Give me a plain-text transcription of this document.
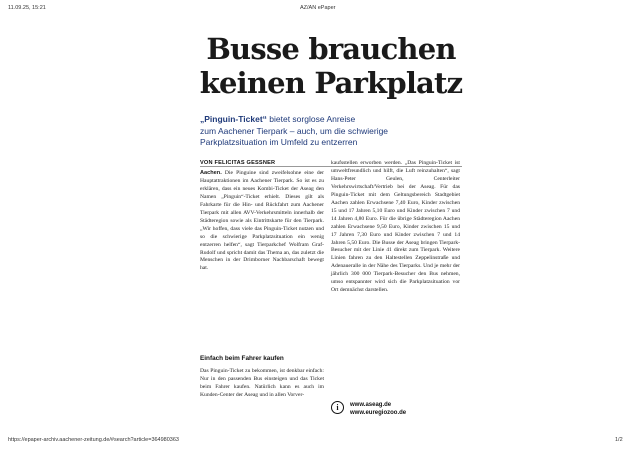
11.09.25, 15:21	AZ/AN ePaper
https://epaper-archiv.aachener-zeitung.de/#search?article=364980363	1/2
Busse brauchen
keinen Parkplatz
„Pinguin-Ticket“ bietet sorglose Anreise
zum Aachener Tierpark – auch, um die schwierige
Parkplatzsituation im Umfeld zu entzerren
VON FELICITAS GESSNER

Aachen. Die Pinguine sind zweifelsohne eine der Hauptattraktionen im Aachener Tierpark. So ist es zu erklären, dass ein neues Kombi-Ticket der Aseag den Namen „Pinguin“-Ticket erhielt. Dieses gilt als Fahrkarte für die Hin- und Rückfahrt zum Aachener Tierpark mit allen AVV-Verkehrsmitteln innerhalb der Städteregion sowie als Eintrittskarte für den Tierpark. „Wir hoffen, dass viele das Pinguin-Ticket nutzen und so die schwierige Parkplatzsituation ein wenig entzerren helfen“, sagt Tierparkchef Wolfram Graf-Rudolf und spricht damit das Thema an, das zuletzt die Menschen in der Drimborner Nachbarschaft bewegt hat.

Einfach beim Fahrer kaufen

Das Pinguin-Ticket zu bekommen, ist denkbar einfach: Nur in den passenden Bus einsteigen und das Ticket beim Fahrer kaufen. Natürlich kann es auch im Kunden-Center der Aseag und in allen Vorver-

kaufsstellen erworben werden. „Das Pinguin-Ticket ist umweltfreundlich und hilft, die Luft reinzuhalten“, sagt Hans-Peter Geulen, Centerleiter Verkehrswirtschaft/Vertrieb bei der Aseag. Für das Pinguin-Ticket mit dem Geltungsbereich Stadtgebiet Aachen zahlen Erwachsene 7,40 Euro, Kinder zwischen 15 und 17 Jahren 5,10 Euro und Kinder zwischen 7 und 14 Jahren 4,80 Euro. Für die übrige Städteregion Aachen zahlen Erwachsene 9,50 Euro, Kinder zwischen 15 und 17 Jahren 7,30 Euro und Kinder zwischen 7 und 14 Jahren 5,50 Euro. Die Busse der Aseag bringen Tierpark-Besucher mit der Linie 41 direkt zum Tierpark. Weitere Linien fahren zu den Haltestellen Zeppelinstraße und Adenaueralle in der Nähe des Tierparks. Und je mehr der jährlich 300 000 Tierpark-Besucher den Bus nehmen, umso entspannter wird sich die Parkplatzsituation vor Ort demnächst darstellen.

i	www.aseag.de
www.euregiozoo.de
